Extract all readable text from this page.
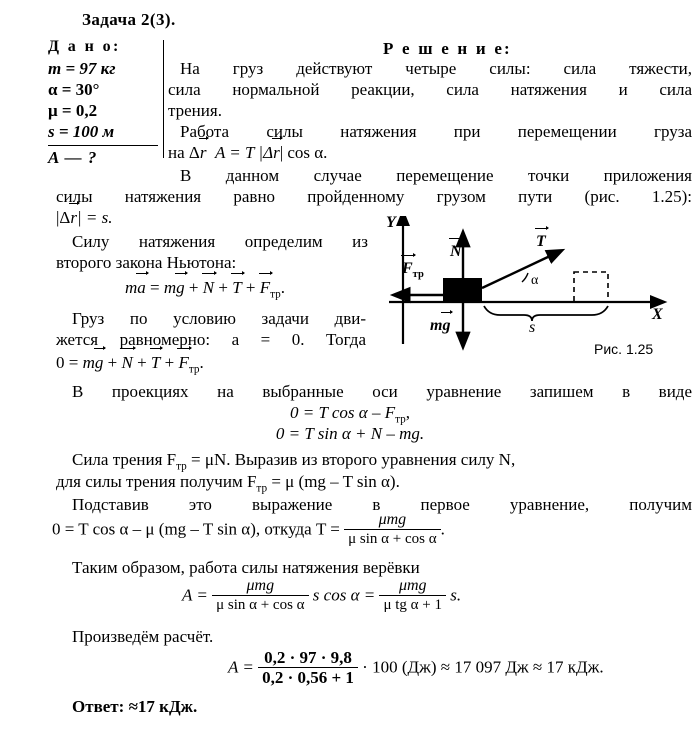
Задача 2(3).
Д а н о:
m = 97 кг
α = 30°
μ = 0,2
s = 100 м
A — ?
Р е ш е н и е:
На груз действуют четыре силы: сила тяжести,
сила нормальной реакции, сила натяжения и сила
трения.
Работа силы натяжения при перемещении груза
на Δr A = T |Δr| cos α.
В данном случае перемещение точки приложения
силы натяжения равно пройденному грузом пути (рис. 1.25):
|Δr| = s.
Силу натяжения определим из
второго закона Ньютона:
ma = mg + $N + T + F_{тр}$.
Груз по условию задачи дви-
жется равномерно: a = 0. Тогда
0 = mg + $N + T + F_{тр}$.
В проекциях на выбранные оси уравнение запишем в виде
0 = T cos α – $F_{тр}$,
0 = T sin α + N – mg.
Сила трения $F_{тр} = \mu N$. Выразив из второго уравнения силу N,
для силы трения получим $F_{тр} = \mu$ (mg – T sin α).
Подставив это выражение в первое уравнение, получим
0 = T cos α – μ (mg – T sin α), откуда $T = \frac{\text{μmg}}{\text{μ sin α + cos α}}$ .
Таким образом, работа силы натяжения верёвки
$A = \frac{\text{μmg}}{\text{μ sin α + cos α}}$ s $\cos \alpha = \frac{\text{μmg}}{\text{μ tg α + 1}} s$.
Произведём расчёт.
$A = \frac{0,2 \cdot 97 \cdot 9,8}{0,2 \cdot 0,56 + 1} \cdot 100$ (Дж) ≈ 17 097 Дж ≈ 17 кДж.
Ответ: ≈17 кДж.
Y
X
N
T
α
$F_{тр}$
mg	s
Рис. 1.25
